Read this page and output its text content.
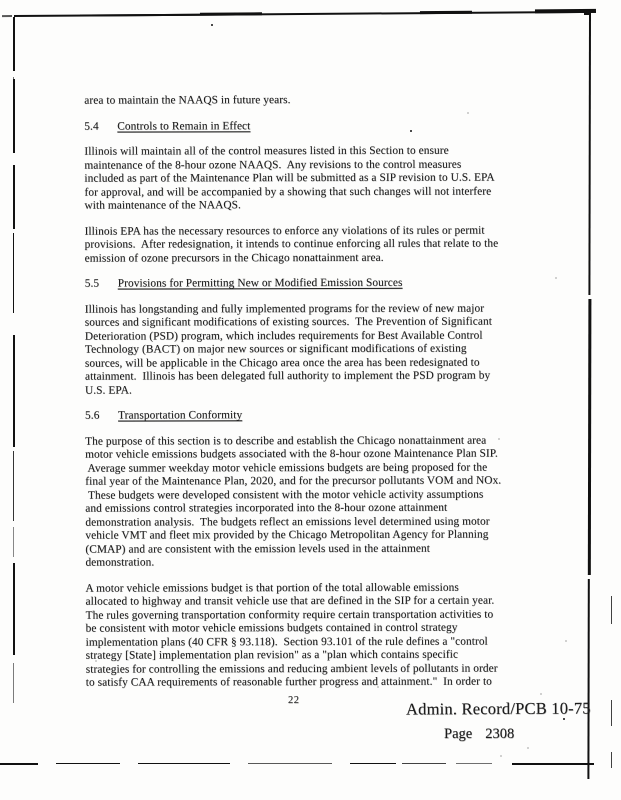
area to maintain the NAAQS in future years.

5.4 Controls to Remain in Effect

Illinois will maintain all of the control measures listed in this Section to ensure
maintenance of the 8-hour ozone NAAQS.  Any revisions to the control measures
included as part of the Maintenance Plan will be submitted as a SIP revision to U.S. EPA
for approval, and will be accompanied by a showing that such changes will not interfere
with maintenance of the NAAQS.

Illinois EPA has the necessary resources to enforce any violations of its rules or permit
provisions.  After redesignation, it intends to continue enforcing all rules that relate to the
emission of ozone precursors in the Chicago nonattainment area.

5.5 Provisions for Permitting New or Modified Emission Sources

Illinois has longstanding and fully implemented programs for the review of new major
sources and significant modifications of existing sources.  The Prevention of Significant
Deterioration (PSD) program, which includes requirements for Best Available Control
Technology (BACT) on major new sources or significant modifications of existing
sources, will be applicable in the Chicago area once the area has been redesignated to
attainment.  Illinois has been delegated full authority to implement the PSD program by
U.S. EPA.

5.6 Transportation Conformity

The purpose of this section is to describe and establish the Chicago nonattainment area
motor vehicle emissions budgets associated with the 8-hour ozone Maintenance Plan SIP.
Average summer weekday motor vehicle emissions budgets are being proposed for the
final year of the Maintenance Plan, 2020, and for the precursor pollutants VOM and NOx.
These budgets were developed consistent with the motor vehicle activity assumptions
and emissions control strategies incorporated into the 8-hour ozone attainment
demonstration analysis.  The budgets reflect an emissions level determined using motor
vehicle VMT and fleet mix provided by the Chicago Metropolitan Agency for Planning
(CMAP) and are consistent with the emission levels used in the attainment
demonstration.

A motor vehicle emissions budget is that portion of the total allowable emissions
allocated to highway and transit vehicle use that are defined in the SIP for a certain year.
The rules governing transportation conformity require certain transportation activities to
be consistent with motor vehicle emissions budgets contained in control strategy
implementation plans (40 CFR § 93.118).  Section 93.101 of the rule defines a "control
strategy [State] implementation plan revision" as a "plan which contains specific
strategies for controlling the emissions and reducing ambient levels of pollutants in order
to satisfy CAA requirements of reasonable further progress and attainment."  In order to

22	Admin. Record/PCB 10-75
Page 2308
